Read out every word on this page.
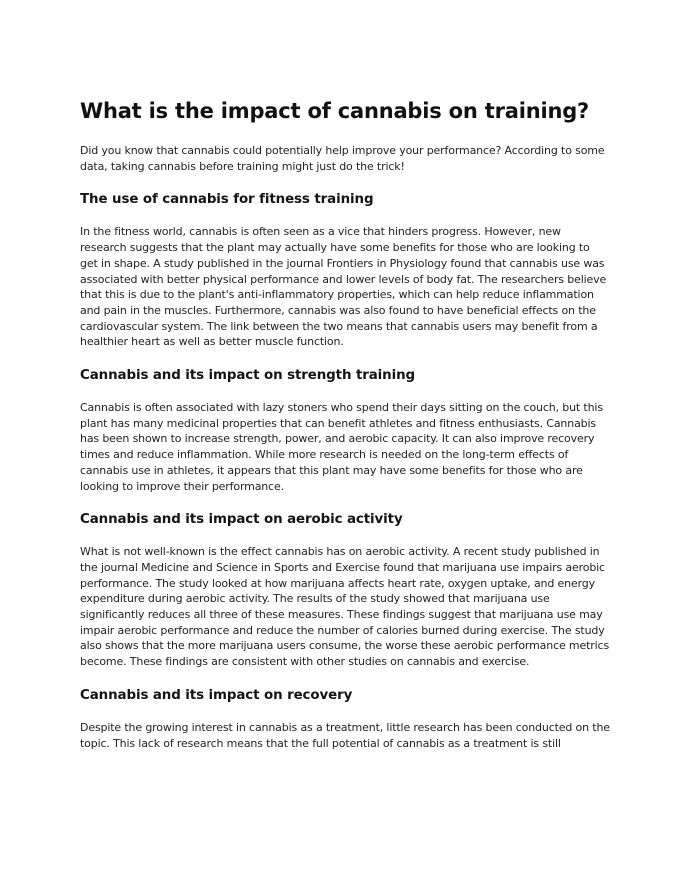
What is the impact of cannabis on training?

Did you know that cannabis could potentially help improve your performance? According to some data, taking cannabis before training might just do the trick!

The use of cannabis for fitness training

In the fitness world, cannabis is often seen as a vice that hinders progress. However, new research suggests that the plant may actually have some benefits for those who are looking to get in shape. A study published in the journal Frontiers in Physiology found that cannabis use was associated with better physical performance and lower levels of body fat. The researchers believe that this is due to the plant's anti-inflammatory properties, which can help reduce inflammation and pain in the muscles. Furthermore, cannabis was also found to have beneficial effects on the cardiovascular system. The link between the two means that cannabis users may benefit from a healthier heart as well as better muscle function.

Cannabis and its impact on strength training

Cannabis is often associated with lazy stoners who spend their days sitting on the couch, but this plant has many medicinal properties that can benefit athletes and fitness enthusiasts. Cannabis has been shown to increase strength, power, and aerobic capacity. It can also improve recovery times and reduce inflammation. While more research is needed on the long-term effects of cannabis use in athletes, it appears that this plant may have some benefits for those who are looking to improve their performance.

Cannabis and its impact on aerobic activity

What is not well-known is the effect cannabis has on aerobic activity. A recent study published in the journal Medicine and Science in Sports and Exercise found that marijuana use impairs aerobic performance. The study looked at how marijuana affects heart rate, oxygen uptake, and energy expenditure during aerobic activity. The results of the study showed that marijuana use significantly reduces all three of these measures. These findings suggest that marijuana use may impair aerobic performance and reduce the number of calories burned during exercise. The study also shows that the more marijuana users consume, the worse these aerobic performance metrics become. These findings are consistent with other studies on cannabis and exercise.

Cannabis and its impact on recovery

Despite the growing interest in cannabis as a treatment, little research has been conducted on the topic. This lack of research means that the full potential of cannabis as a treatment is still
